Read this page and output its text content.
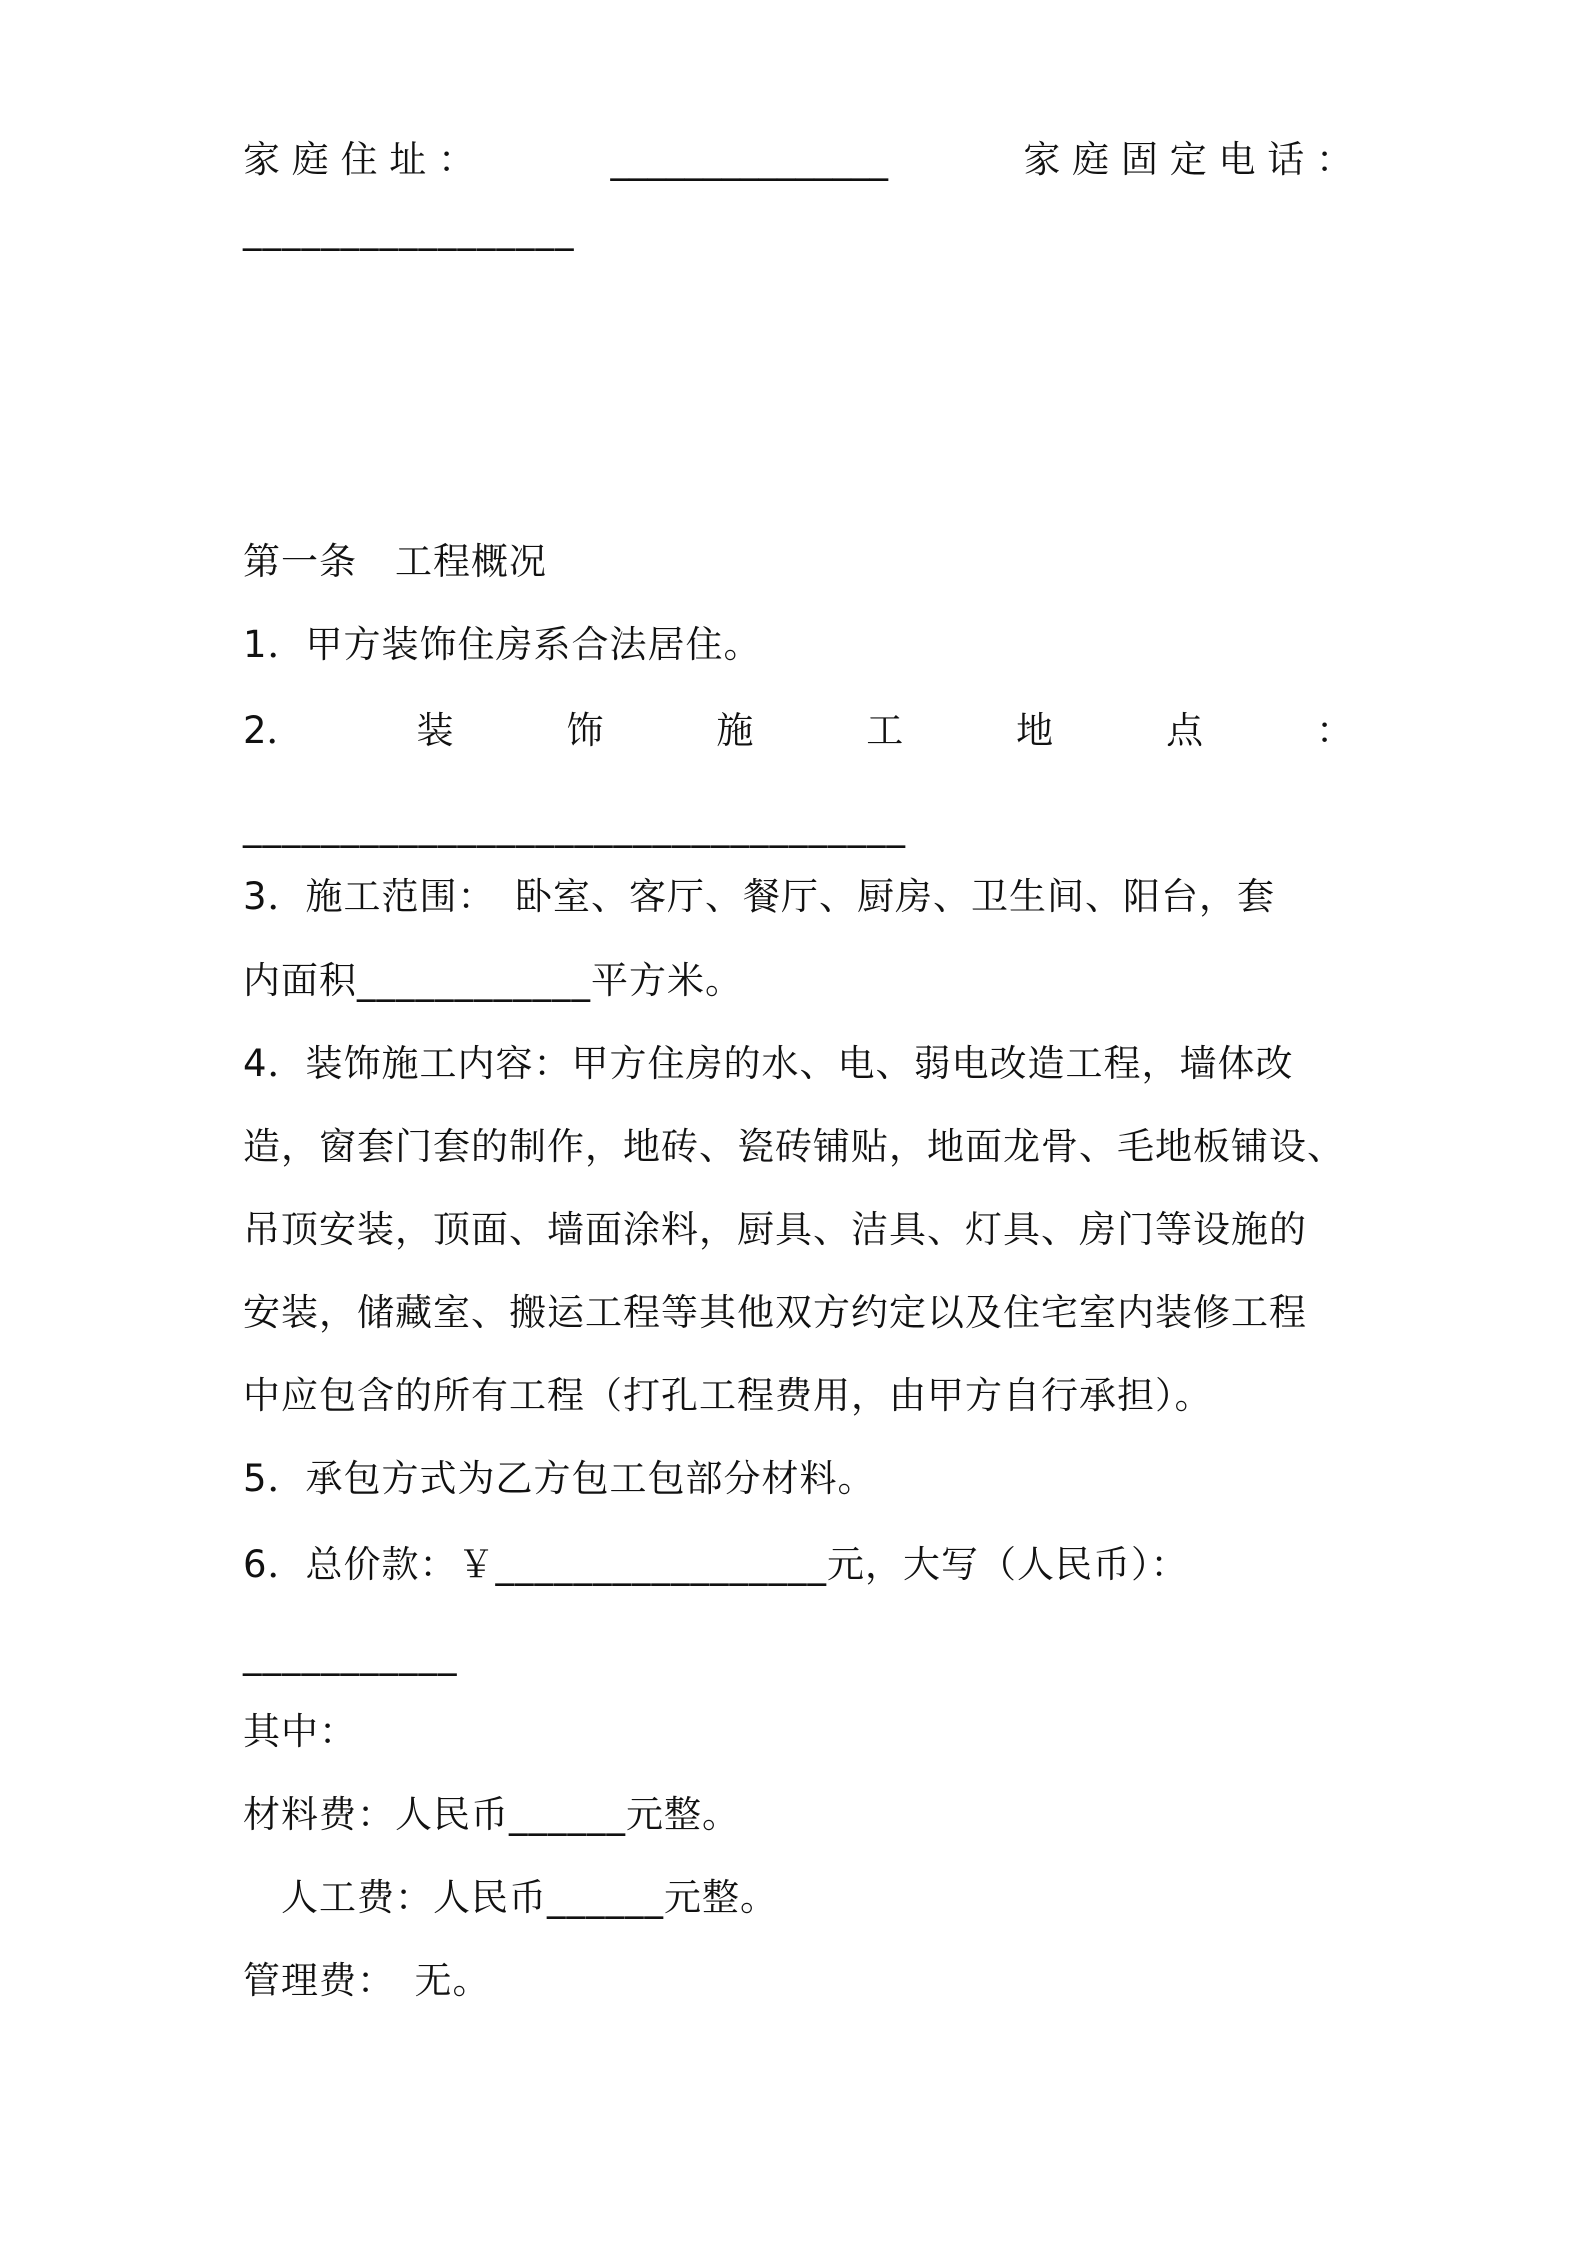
家 庭 住 址 ：	_______________	家 庭 固 定 电 话 ：
_________________
第一条　工程概况
1．甲方装饰住房系合法居住。
2．	装	饰	施	工	地	点	：
__________________________________
3．施工范围：　卧室、客厅、餐厅、厨房、卫生间、阳台，套
内面积____________平方米。
4．装饰施工内容：甲方住房的水、电、弱电改造工程，墙体改
造，窗套门套的制作，地砖、瓷砖铺贴，地面龙骨、毛地板铺设、
吊顶安装，顶面、墙面涂料，厨具、洁具、灯具、房门等设施的
安装，储藏室、搬运工程等其他双方约定以及住宅室内装修工程
中应包含的所有工程（打孔工程费用，由甲方自行承担）。
5．承包方式为乙方包工包部分材料。
6．总价款：￥_________________元，大写（人民币）：
___________
其中：
材料费：人民币______元整。
　人工费：人民币______元整。
管理费：　无。
